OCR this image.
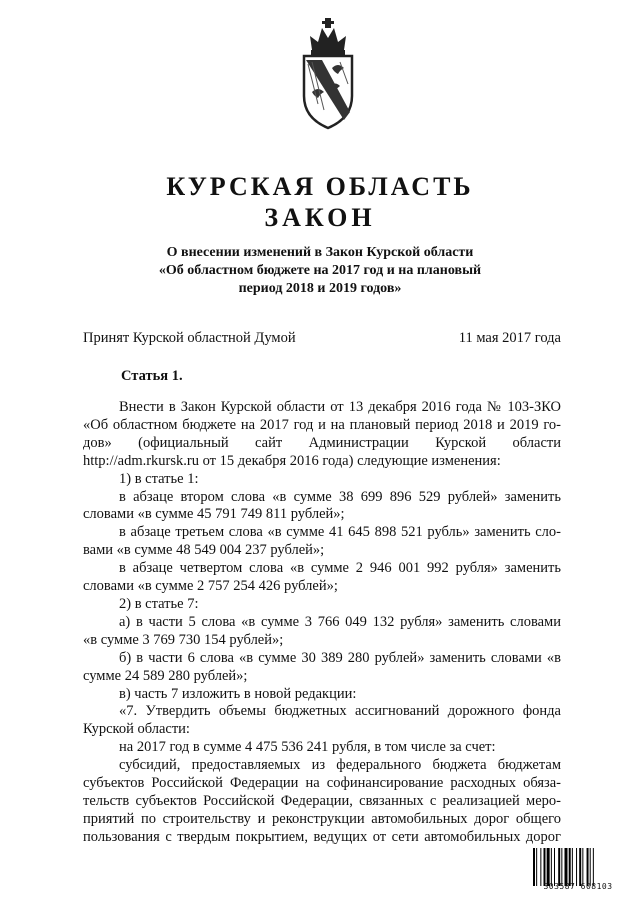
КУРСКАЯ ОБЛАСТЬ
ЗАКОН
О внесении изменений в Закон Курской области
«Об областном бюджете на 2017 год и на плановый
период 2018 и 2019 годов»
Принят Курской областной Думой	11 мая 2017 года
Статья 1.
Внести в Закон Курской области от 13 декабря 2016 года № 103-ЗКО
«Об областном бюджете на 2017 год и на плановый период 2018 и 2019 го-
дов» (официальный сайт Администрации Курской области
http://adm.rkursk.ru от 15 декабря 2016 года) следующие изменения:
1) в статье 1:
в абзаце втором слова «в сумме 38 699 896 529 рублей» заменить
словами «в сумме 45 791 749 811 рублей»;
в абзаце третьем слова «в сумме 41 645 898 521 рубль» заменить сло-
вами «в сумме 48 549 004 237 рублей»;
в абзаце четвертом слова «в сумме 2 946 001 992 рубля» заменить
словами «в сумме 2 757 254 426 рублей»;
2) в статье 7:
а) в части 5 слова «в сумме 3 766 049 132 рубля» заменить словами
«в сумме 3 769 730 154 рублей»;
б) в части 6 слова «в сумме 30 389 280 рублей» заменить словами «в
сумме 24 589 280 рублей»;
в) часть 7 изложить в новой редакции:
«7. Утвердить объемы бюджетных ассигнований дорожного фонда
Курской области:
на 2017 год в сумме 4 475 536 241 рубля, в том числе за счет:
субсидий, предоставляемых из федерального бюджета бюджетам
субъектов Российской Федерации на софинансирование расходных обяза-
тельств субъектов Российской Федерации, связанных с реализацией меро-
приятий по строительству и реконструкции автомобильных дорог общего
пользования с твердым покрытием, ведущих от сети автомобильных дорог
303587 608103
